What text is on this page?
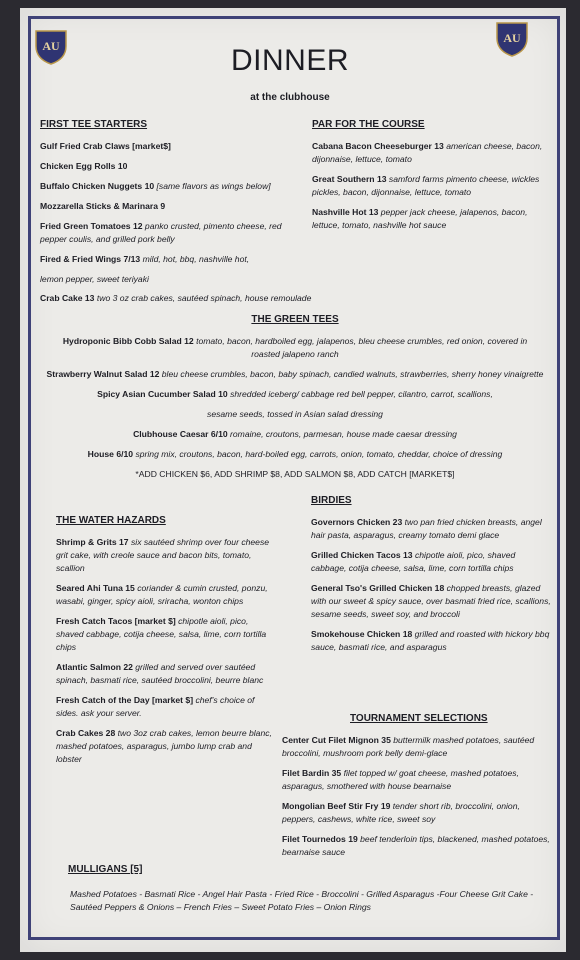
AU
AU
DINNER
at the clubhouse
FIRST TEE STARTERS

Gulf Fried Crab Claws [market$]

Chicken Egg Rolls 10

Buffalo Chicken Nuggets 10 [same flavors as wings below]

Mozzarella Sticks & Marinara 9

Fried Green Tomatoes 12 panko crusted, pimento cheese, red pepper coulis, and grilled pork belly

Fired & Fried Wings 7/13 mild, hot, bbq, nashville hot,

lemon pepper, sweet teriyaki

Crab Cake 13 two 3 oz crab cakes, sautéed spinach, house remoulade
PAR FOR THE COURSE

Cabana Bacon Cheeseburger 13 american cheese, bacon, dijonnaise, lettuce, tomato

Great Southern 13 samford farms pimento cheese, wickles pickles, bacon, dijonnaise, lettuce, tomato

Nashville Hot 13 pepper jack cheese, jalapenos, bacon, lettuce, tomato, nashville hot sauce

THE GREEN TEES

Hydroponic Bibb Cobb Salad 12 tomato, bacon, hardboiled egg, jalapenos, bleu cheese crumbles, red onion, covered in roasted jalapeno ranch

Strawberry Walnut Salad 12 bleu cheese crumbles, bacon, baby spinach, candied walnuts, strawberries, sherry honey vinaigrette

Spicy Asian Cucumber Salad 10 shredded iceberg/ cabbage red bell pepper, cilantro, carrot, scallions,

sesame seeds, tossed in Asian salad dressing

Clubhouse Caesar 6/10 romaine, croutons, parmesan, house made caesar dressing

House 6/10 spring mix, croutons, bacon, hard-boiled egg, carrots, onion, tomato, cheddar, choice of dressing

*ADD CHICKEN $6, ADD SHRIMP $8, ADD SALMON $8, ADD CATCH [MARKET$]

THE WATER HAZARDS

Shrimp & Grits 17 six sautéed shrimp over four cheese grit cake, with creole sauce and bacon bits, tomato, scallion

Seared Ahi Tuna 15 coriander & cumin crusted, ponzu, wasabi, ginger, spicy aioli, sriracha, wonton chips

Fresh Catch Tacos [market $] chipotle aioli, pico, shaved cabbage, cotija cheese, salsa, lime, corn tortilla chips

Atlantic Salmon 22 grilled and served over sautéed spinach, basmati rice, sautéed broccolini, beurre blanc

Fresh Catch of the Day [market $] chef's choice of sides. ask your server.

Crab Cakes 28 two 3oz crab cakes, lemon beurre blanc, mashed potatoes, asparagus, jumbo lump crab and lobster

BIRDIES

Governors Chicken 23 two pan fried chicken breasts, angel hair pasta, asparagus, creamy tomato demi glace

Grilled Chicken Tacos 13 chipotle aioli, pico, shaved cabbage, cotija cheese, salsa, lime, corn tortilla chips

General Tso's Grilled Chicken 18 chopped breasts, glazed with our sweet & spicy sauce, over basmati fried rice, scallions, sesame seeds, sweet soy, and broccoli

Smokehouse Chicken 18 grilled and roasted with hickory bbq sauce, basmati rice, and asparagus

TOURNAMENT SELECTIONS

Center Cut Filet Mignon 35 buttermilk mashed potatoes, sautéed broccolini, mushroom pork belly demi-glace

Filet Bardin 35 filet topped w/ goat cheese, mashed potatoes, asparagus, smothered with house bearnaise

Mongolian Beef Stir Fry 19 tender short rib, broccolini, onion, peppers, cashews, white rice, sweet soy

Filet Tournedos 19 beef tenderloin tips, blackened, mashed potatoes, bearnaise sauce

MULLIGANS [5]
Mashed Potatoes - Basmati Rice - Angel Hair Pasta - Fried Rice - Broccolini - Grilled Asparagus -Four Cheese Grit Cake - Sautéed Peppers & Onions – French Fries – Sweet Potato Fries – Onion Rings
